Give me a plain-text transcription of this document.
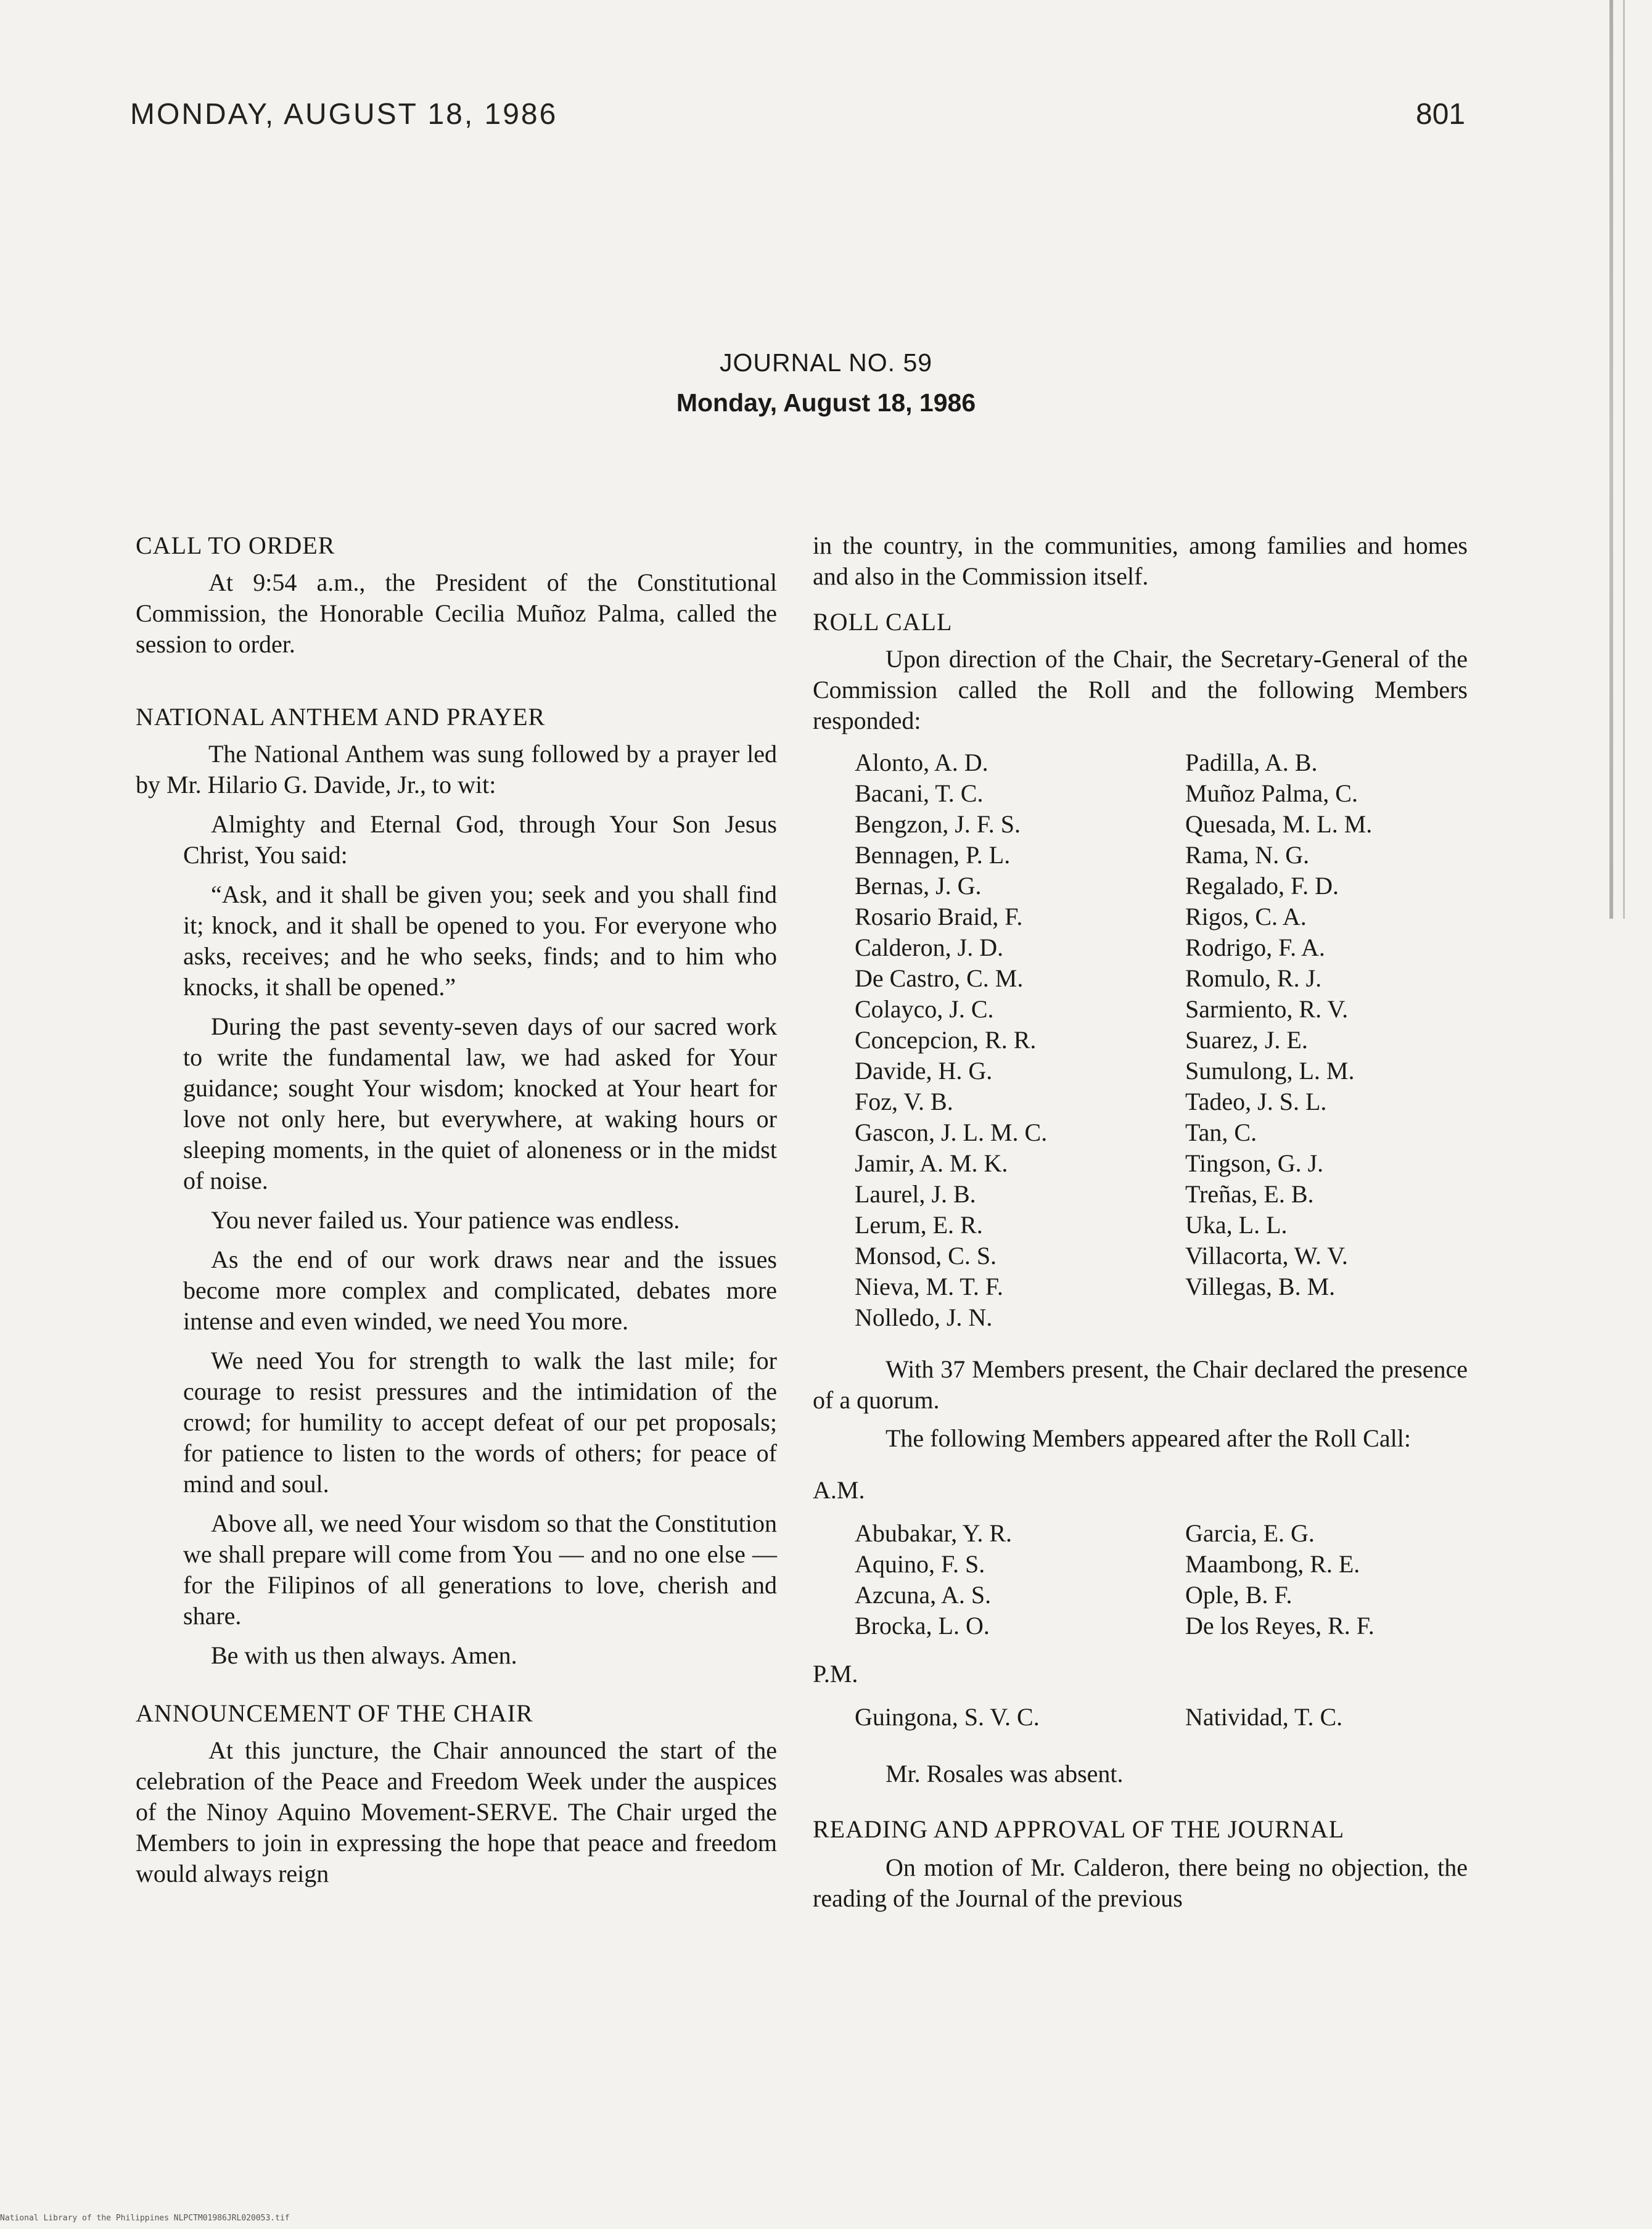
MONDAY, AUGUST 18, 1986	801
JOURNAL NO. 59
Monday, August 18, 1986

CALL TO ORDER

At 9:54 a.m., the President of the Constitutional Commission, the Honorable Cecilia Muñoz Palma, called the session to order.

NATIONAL ANTHEM AND PRAYER

The National Anthem was sung followed by a prayer led by Mr. Hilario G. Davide, Jr., to wit:

Almighty and Eternal God, through Your Son Jesus Christ, You said:

“Ask, and it shall be given you; seek and you shall find it; knock, and it shall be opened to you. For everyone who asks, receives; and he who seeks, finds; and to him who knocks, it shall be opened.”

During the past seventy-seven days of our sacred work to write the fundamental law, we had asked for Your guidance; sought Your wisdom; knocked at Your heart for love not only here, but everywhere, at waking hours or sleeping moments, in the quiet of aloneness or in the midst of noise.

You never failed us. Your patience was endless.

As the end of our work draws near and the issues become more complex and complicated, debates more intense and even winded, we need You more.

We need You for strength to walk the last mile; for courage to resist pressures and the intimidation of the crowd; for humility to accept defeat of our pet proposals; for patience to listen to the words of others; for peace of mind and soul.

Above all, we need Your wisdom so that the Constitution we shall prepare will come from You — and no one else — for the Filipinos of all generations to love, cherish and share.

Be with us then always. Amen.

ANNOUNCEMENT OF THE CHAIR

At this juncture, the Chair announced the start of the celebration of the Peace and Freedom Week under the auspices of the Ninoy Aquino Movement-SERVE. The Chair urged the Members to join in expressing the hope that peace and freedom would always reign

in the country, in the communities, among families and homes and also in the Commission itself.

ROLL CALL

Upon direction of the Chair, the Secretary-General of the Commission called the Roll and the following Members responded:

Alonto, A. D.
Bacani, T. C.
Bengzon, J. F. S.
Bennagen, P. L.
Bernas, J. G.
Rosario Braid, F.
Calderon, J. D.
De Castro, C. M.
Colayco, J. C.
Concepcion, R. R.
Davide, H. G.
Foz, V. B.
Gascon, J. L. M. C.
Jamir, A. M. K.
Laurel, J. B.
Lerum, E. R.
Monsod, C. S.
Nieva, M. T. F.
Nolledo, J. N.
Padilla, A. B.
Muñoz Palma, C.
Quesada, M. L. M.
Rama, N. G.
Regalado, F. D.
Rigos, C. A.
Rodrigo, F. A.
Romulo, R. J.
Sarmiento, R. V.
Suarez, J. E.
Sumulong, L. M.
Tadeo, J. S. L.
Tan, C.
Tingson, G. J.
Treñas, E. B.
Uka, L. L.
Villacorta, W. V.
Villegas, B. M.

With 37 Members present, the Chair declared the presence of a quorum.

The following Members appeared after the Roll Call:

A.M.

Abubakar, Y. R.
Aquino, F. S.
Azcuna, A. S.
Brocka, L. O.
Garcia, E. G.
Maambong, R. E.
Ople, B. F.
De los Reyes, R. F.

P.M.

Guingona, S. V. C.	Natividad, T. C.

Mr. Rosales was absent.

READING AND APPROVAL OF THE JOURNAL

On motion of Mr. Calderon, there being no objection, the reading of the Journal of the previous

National Library of the Philippines NLPCTM01986JRL020053.tif
